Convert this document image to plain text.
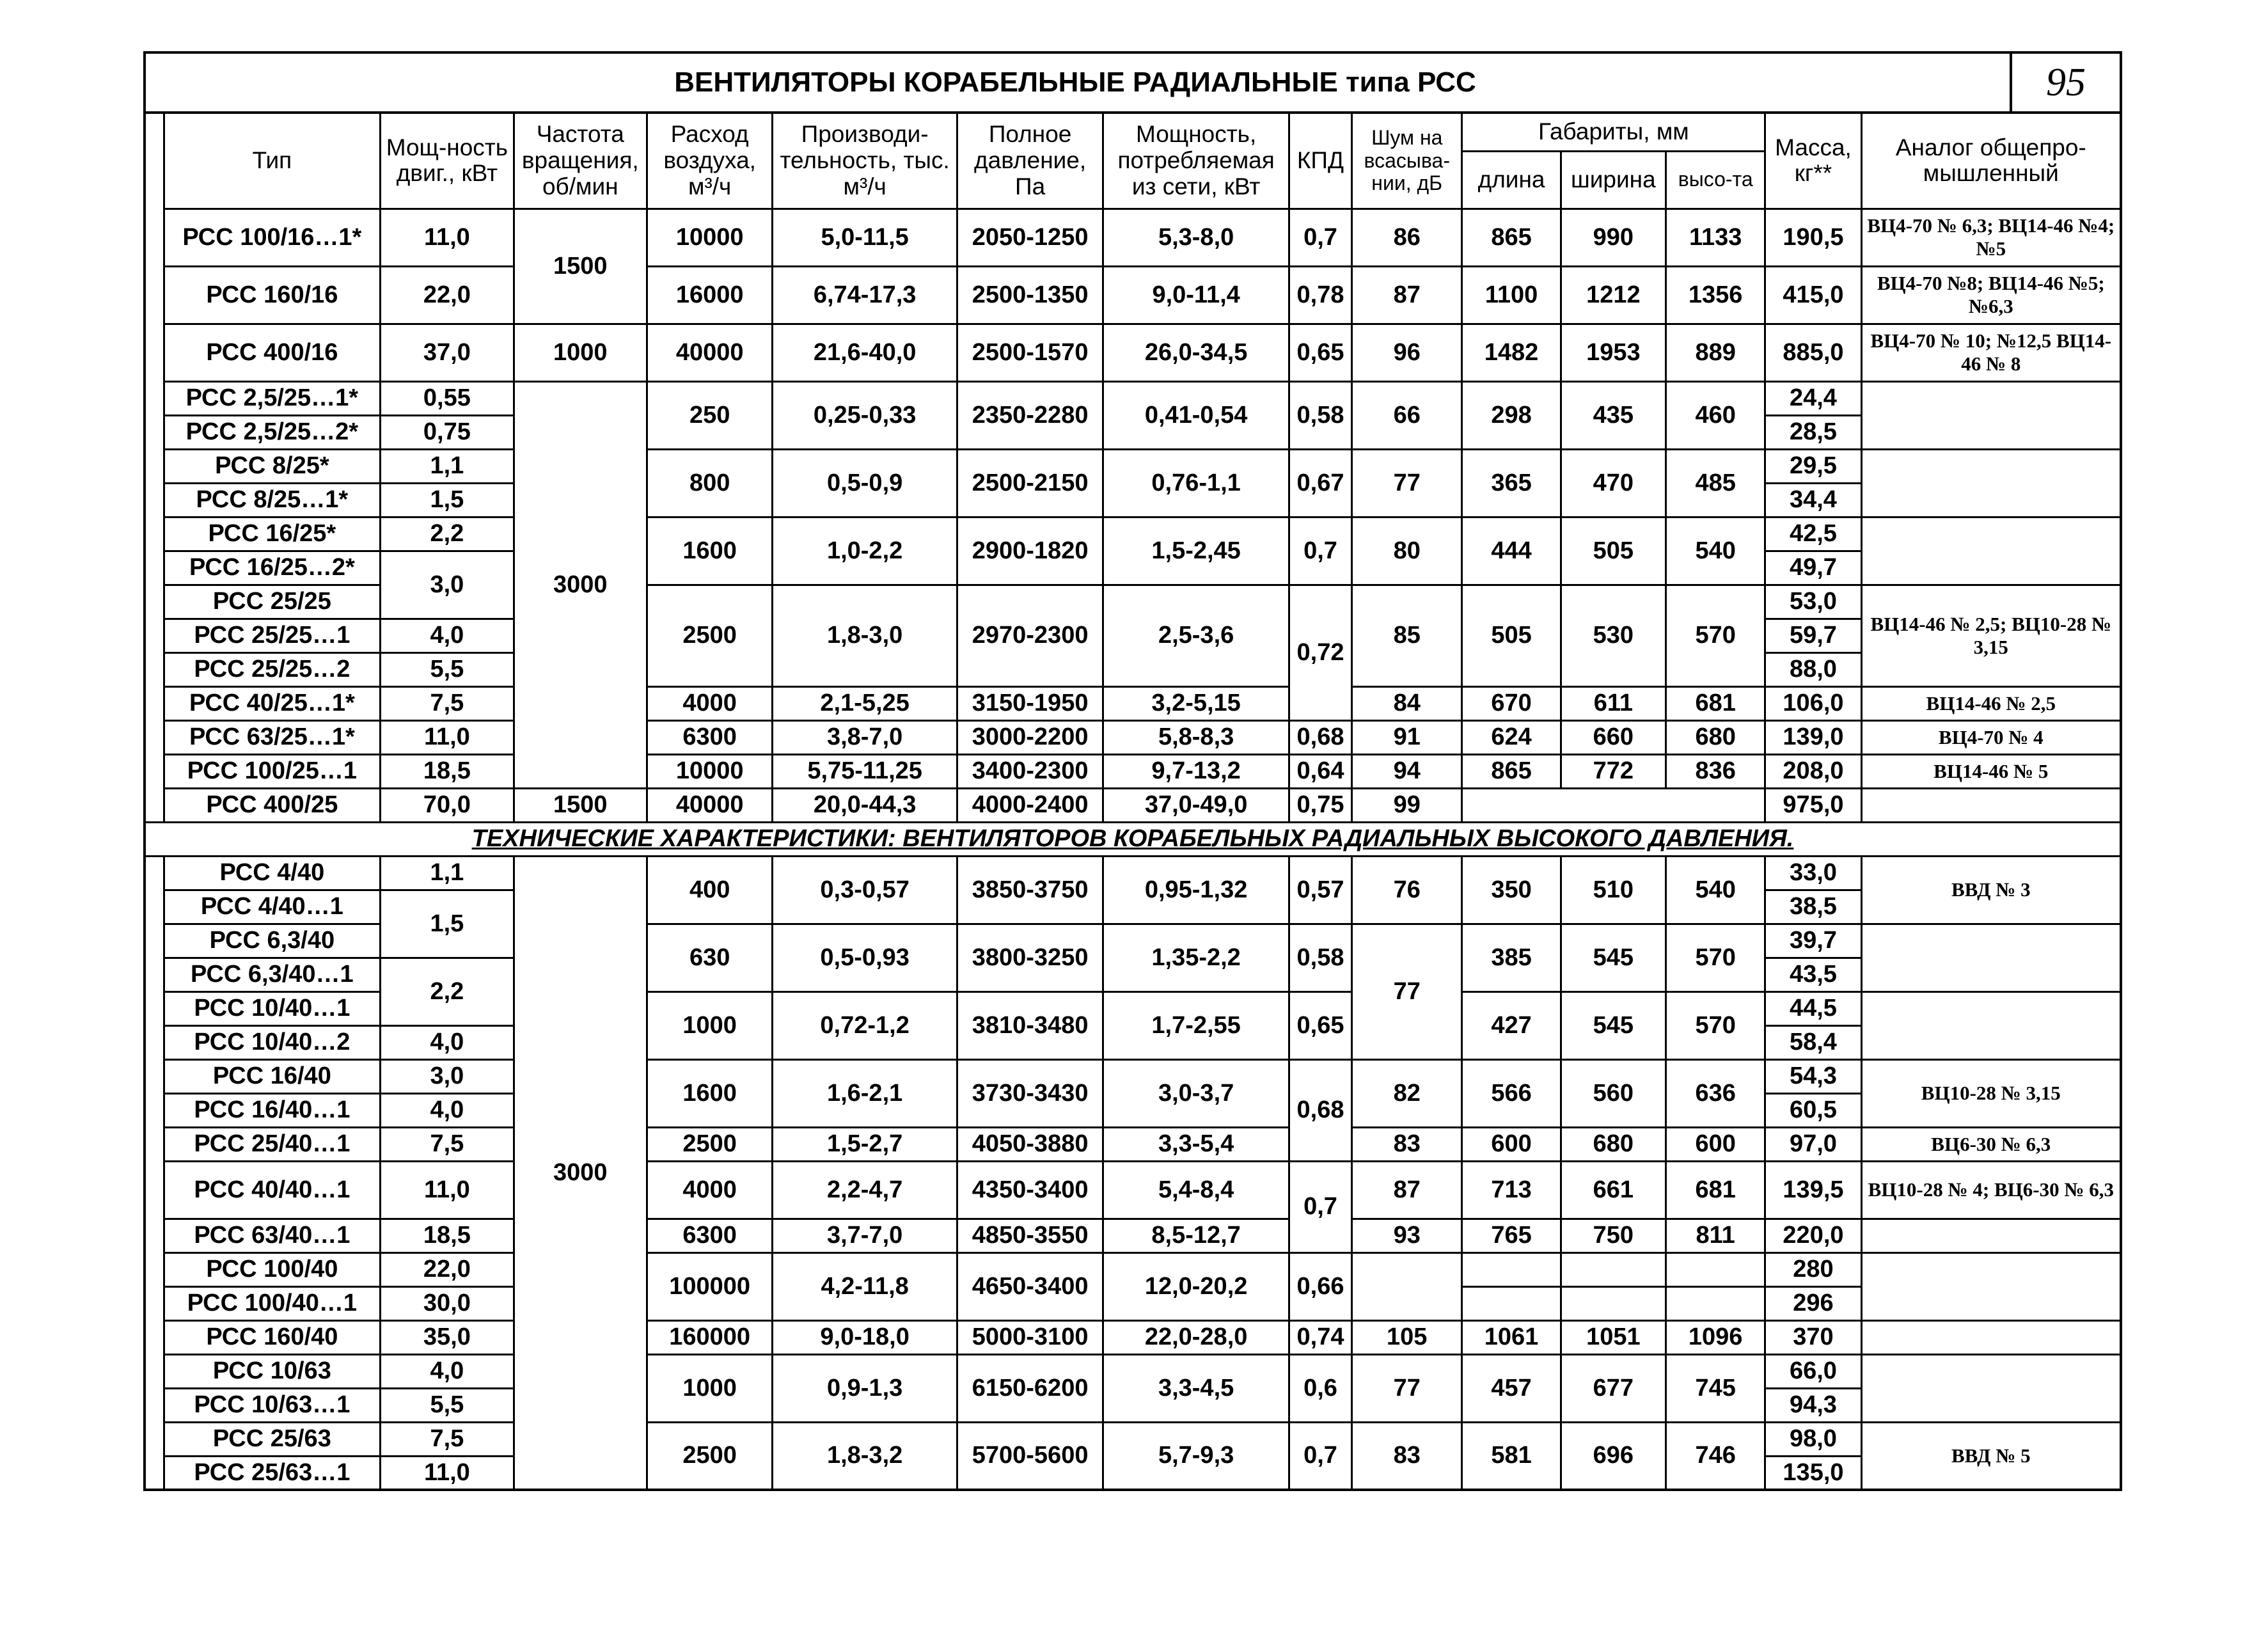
ВЕНТИЛЯТОРЫ КОРАБЕЛЬНЫЕ РАДИАЛЬНЫЕ типа РСС	95
	Тип	Мощ-ность двиг., кВт	Частота вращения, об/мин	Расход воздуха, м³/ч	Производи-тельность, тыс. м³/ч	Полное давление, Па	Мощность, потребляемая из сети, кВт	КПД	Шум на всасыва-нии, дБ	Габариты, мм			Масса, кг**	Аналог общепро-мышленный
										длина	ширина	высо-та		
	РСС 100/16…1*	11,0	1500	10000	5,0-11,5	2050-1250	5,3-8,0	0,7	86	865	990	1133	190,5	ВЦ4-70 № 6,3; ВЦ14-46 №4; №5
	РСС 160/16	22,0		16000	6,74-17,3	2500-1350	9,0-11,4	0,78	87	1100	1212	1356	415,0	ВЦ4-70 №8; ВЦ14-46 №5; №6,3
	РСС 400/16	37,0	1000	40000	21,6-40,0	2500-1570	26,0-34,5	0,65	96	1482	1953	889	885,0	ВЦ4-70 № 10; №12,5 ВЦ14-46 № 8
	РСС 2,5/25…1*	0,55	3000	250	0,25-0,33	2350-2280	0,41-0,54	0,58	66	298	435	460	24,4	
	РСС 2,5/25…2*	0,75											28,5	
	РСС 8/25*	1,1		800	0,5-0,9	2500-2150	0,76-1,1	0,67	77	365	470	485	29,5	
	РСС 8/25…1*	1,5											34,4	
	РСС 16/25*	2,2		1600	1,0-2,2	2900-1820	1,5-2,45	0,7	80	444	505	540	42,5	
	РСС 16/25…2*	3,0											49,7	
	РСС 25/25			2500	1,8-3,0	2970-2300	2,5-3,6	0,72	85	505	530	570	53,0	ВЦ14-46 № 2,5; ВЦ10-28 № 3,15
	РСС 25/25…1	4,0											59,7	
	РСС 25/25…2	5,5											88,0	
	РСС 40/25…1*	7,5		4000	2,1-5,25	3150-1950	3,2-5,15		84	670	611	681	106,0	ВЦ14-46 № 2,5
	РСС 63/25…1*	11,0		6300	3,8-7,0	3000-2200	5,8-8,3	0,68	91	624	660	680	139,0	ВЦ4-70 № 4
	РСС 100/25…1	18,5		10000	5,75-11,25	3400-2300	9,7-13,2	0,64	94	865	772	836	208,0	ВЦ14-46 № 5
	РСС 400/25	70,0	1500	40000	20,0-44,3	4000-2400	37,0-49,0	0,75	99				975,0	
ТЕХНИЧЕСКИЕ ХАРАКТЕРИСТИКИ: ВЕНТИЛЯТОРОВ КОРАБЕЛЬНЫХ РАДИАЛЬНЫХ ВЫСОКОГО ДАВЛЕНИЯ.														
	РСС 4/40	1,1	3000	400	0,3-0,57	3850-3750	0,95-1,32	0,57	76	350	510	540	33,0	ВВД № 3
	РСС 4/40…1	1,5											38,5	
	РСС 6,3/40			630	0,5-0,93	3800-3250	1,35-2,2	0,58	77	385	545	570	39,7	
	РСС 6,3/40…1	2,2											43,5	
	РСС 10/40…1			1000	0,72-1,2	3810-3480	1,7-2,55	0,65		427	545	570	44,5	
	РСС 10/40…2	4,0											58,4	
	РСС 16/40	3,0		1600	1,6-2,1	3730-3430	3,0-3,7	0,68	82	566	560	636	54,3	ВЦ10-28 № 3,15
	РСС 16/40…1	4,0											60,5	
	РСС 25/40…1	7,5		2500	1,5-2,7	4050-3880	3,3-5,4		83	600	680	600	97,0	ВЦ6-30 № 6,3
	РСС 40/40…1	11,0		4000	2,2-4,7	4350-3400	5,4-8,4	0,7	87	713	661	681	139,5	ВЦ10-28 № 4; ВЦ6-30 № 6,3
	РСС 63/40…1	18,5		6300	3,7-7,0	4850-3550	8,5-12,7		93	765	750	811	220,0	
	РСС 100/40	22,0		100000	4,2-11,8	4650-3400	12,0-20,2	0,66					280	
	РСС 100/40…1	30,0											296	
	РСС 160/40	35,0		160000	9,0-18,0	5000-3100	22,0-28,0	0,74	105	1061	1051	1096	370	
	РСС 10/63	4,0		1000	0,9-1,3	6150-6200	3,3-4,5	0,6	77	457	677	745	66,0	
	РСС 10/63…1	5,5											94,3	
	РСС 25/63	7,5		2500	1,8-3,2	5700-5600	5,7-9,3	0,7	83	581	696	746	98,0	ВВД № 5
	РСС 25/63…1	11,0											135,0	
